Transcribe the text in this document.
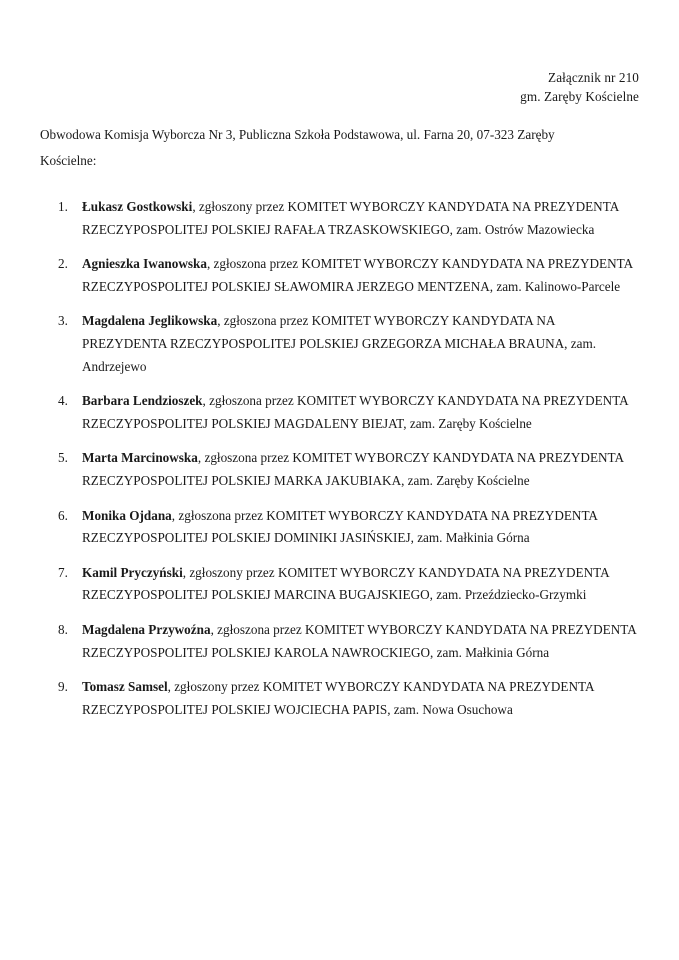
Załącznik nr 210
gm. Zaręby Kościelne
Obwodowa Komisja Wyborcza Nr 3, Publiczna Szkoła Podstawowa, ul. Farna 20, 07-323 Zaręby Kościelne:
1.	Łukasz Gostkowski, zgłoszony przez KOMITET WYBORCZY KANDYDATA NA PREZYDENTA RZECZYPOSPOLITEJ POLSKIEJ RAFAŁA TRZASKOWSKIEGO, zam. Ostrów Mazowiecka
2.	Agnieszka Iwanowska, zgłoszona przez KOMITET WYBORCZY KANDYDATA NA PREZYDENTA RZECZYPOSPOLITEJ POLSKIEJ SŁAWOMIRA JERZEGO MENTZENA, zam. Kalinowo-Parcele
3.	Magdalena Jeglikowska, zgłoszona przez KOMITET WYBORCZY KANDYDATA NA PREZYDENTA RZECZYPOSPOLITEJ POLSKIEJ GRZEGORZA MICHAŁA BRAUNA, zam. Andrzejewo
4.	Barbara Lendzioszek, zgłoszona przez KOMITET WYBORCZY KANDYDATA NA PREZYDENTA RZECZYPOSPOLITEJ POLSKIEJ MAGDALENY BIEJAT, zam. Zaręby Kościelne
5.	Marta Marcinowska, zgłoszona przez KOMITET WYBORCZY KANDYDATA NA PREZYDENTA RZECZYPOSPOLITEJ POLSKIEJ MARKA JAKUBIAKA, zam. Zaręby Kościelne
6.	Monika Ojdana, zgłoszona przez KOMITET WYBORCZY KANDYDATA NA PREZYDENTA RZECZYPOSPOLITEJ POLSKIEJ DOMINIKI JASIŃSKIEJ, zam. Małkinia Górna
7.	Kamil Pryczyński, zgłoszony przez KOMITET WYBORCZY KANDYDATA NA PREZYDENTA RZECZYPOSPOLITEJ POLSKIEJ MARCINA BUGAJSKIEGO, zam. Przeździecko-Grzymki
8.	Magdalena Przywoźna, zgłoszona przez KOMITET WYBORCZY KANDYDATA NA PREZYDENTA RZECZYPOSPOLITEJ POLSKIEJ KAROLA NAWROCKIEGO, zam. Małkinia Górna
9.	Tomasz Samsel, zgłoszony przez KOMITET WYBORCZY KANDYDATA NA PREZYDENTA RZECZYPOSPOLITEJ POLSKIEJ WOJCIECHA PAPIS, zam. Nowa Osuchowa
